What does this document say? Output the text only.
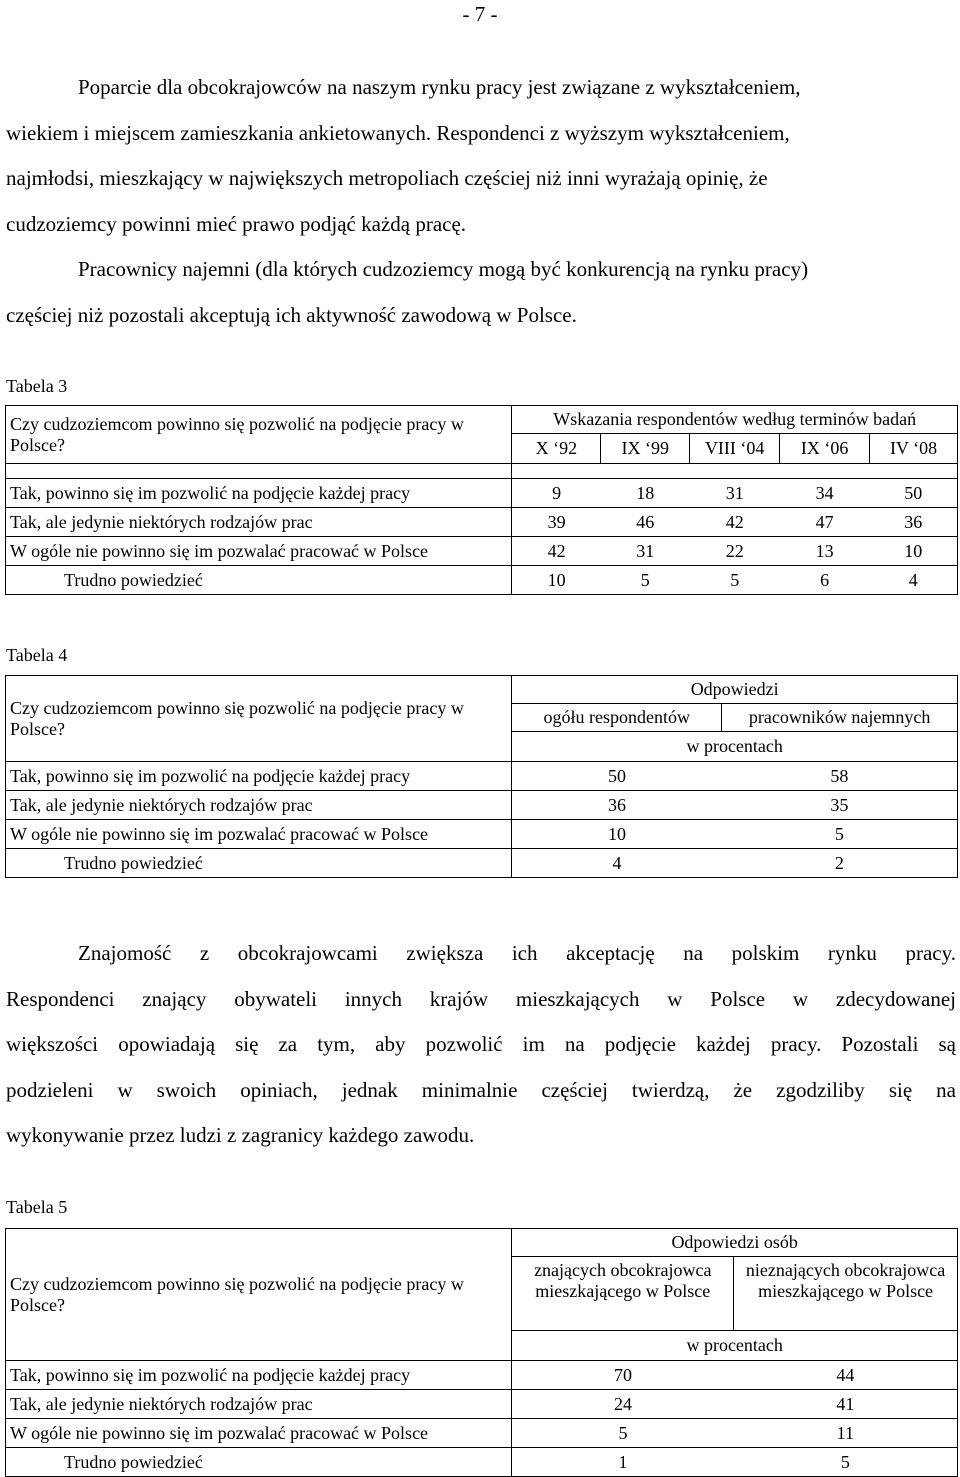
- 7 -
Poparcie dla obcokrajowców na naszym rynku pracy jest związane z wykształceniem,
wiekiem i miejscem zamieszkania ankietowanych. Respondenci z wyższym wykształceniem,
najmłodsi, mieszkający w największych metropoliach częściej niż inni wyrażają opinię, że
cudzoziemcy powinni mieć prawo podjąć każdą pracę.
Pracownicy najemni (dla których cudzoziemcy mogą być konkurencją na rynku pracy)
częściej niż pozostali akceptują ich aktywność zawodową w Polsce.
Tabela 3
Czy cudzoziemcom powinno się pozwolić na podjęcie pracy w Polsce?	Wskazania respondentów według terminów badań				
	X ‘92	IX ‘99	VIII ‘04	IX ‘06	IV ‘08

Tak, powinno się im pozwolić na podjęcie każdej pracy	9	18	31	34	50
Tak, ale jedynie niektórych rodzajów prac	39	46	42	47	36
W ogóle nie powinno się im pozwalać pracować w Polsce	42	31	22	13	10
Trudno powiedzieć	10	5	5	6	4
Tabela 4
Czy cudzoziemcom powinno się pozwolić na podjęcie pracy w Polsce?	Odpowiedzi	
	ogółu respondentów	pracowników najemnych
	w procentach	
Tak, powinno się im pozwolić na podjęcie każdej pracy	50	58
Tak, ale jedynie niektórych rodzajów prac	36	35
W ogóle nie powinno się im pozwalać pracować w Polsce	10	5
Trudno powiedzieć	4	2
Znajomość z obcokrajowcami zwiększa ich akceptację na polskim rynku pracy.
Respondenci znający obywateli innych krajów mieszkających w Polsce w zdecydowanej
większości opowiadają się za tym, aby pozwolić im na podjęcie każdej pracy. Pozostali są
podzieleni w swoich opiniach, jednak minimalnie częściej twierdzą, że zgodziliby się na
wykonywanie przez ludzi z zagranicy każdego zawodu.
Tabela 5
Czy cudzoziemcom powinno się pozwolić na podjęcie pracy w Polsce?	Odpowiedzi osób	
	znających obcokrajowca mieszkającego w Polsce	nieznających obcokrajowca mieszkającego w Polsce
	w procentach	
Tak, powinno się im pozwolić na podjęcie każdej pracy	70	44
Tak, ale jedynie niektórych rodzajów prac	24	41
W ogóle nie powinno się im pozwalać pracować w Polsce	5	11
Trudno powiedzieć	1	5
